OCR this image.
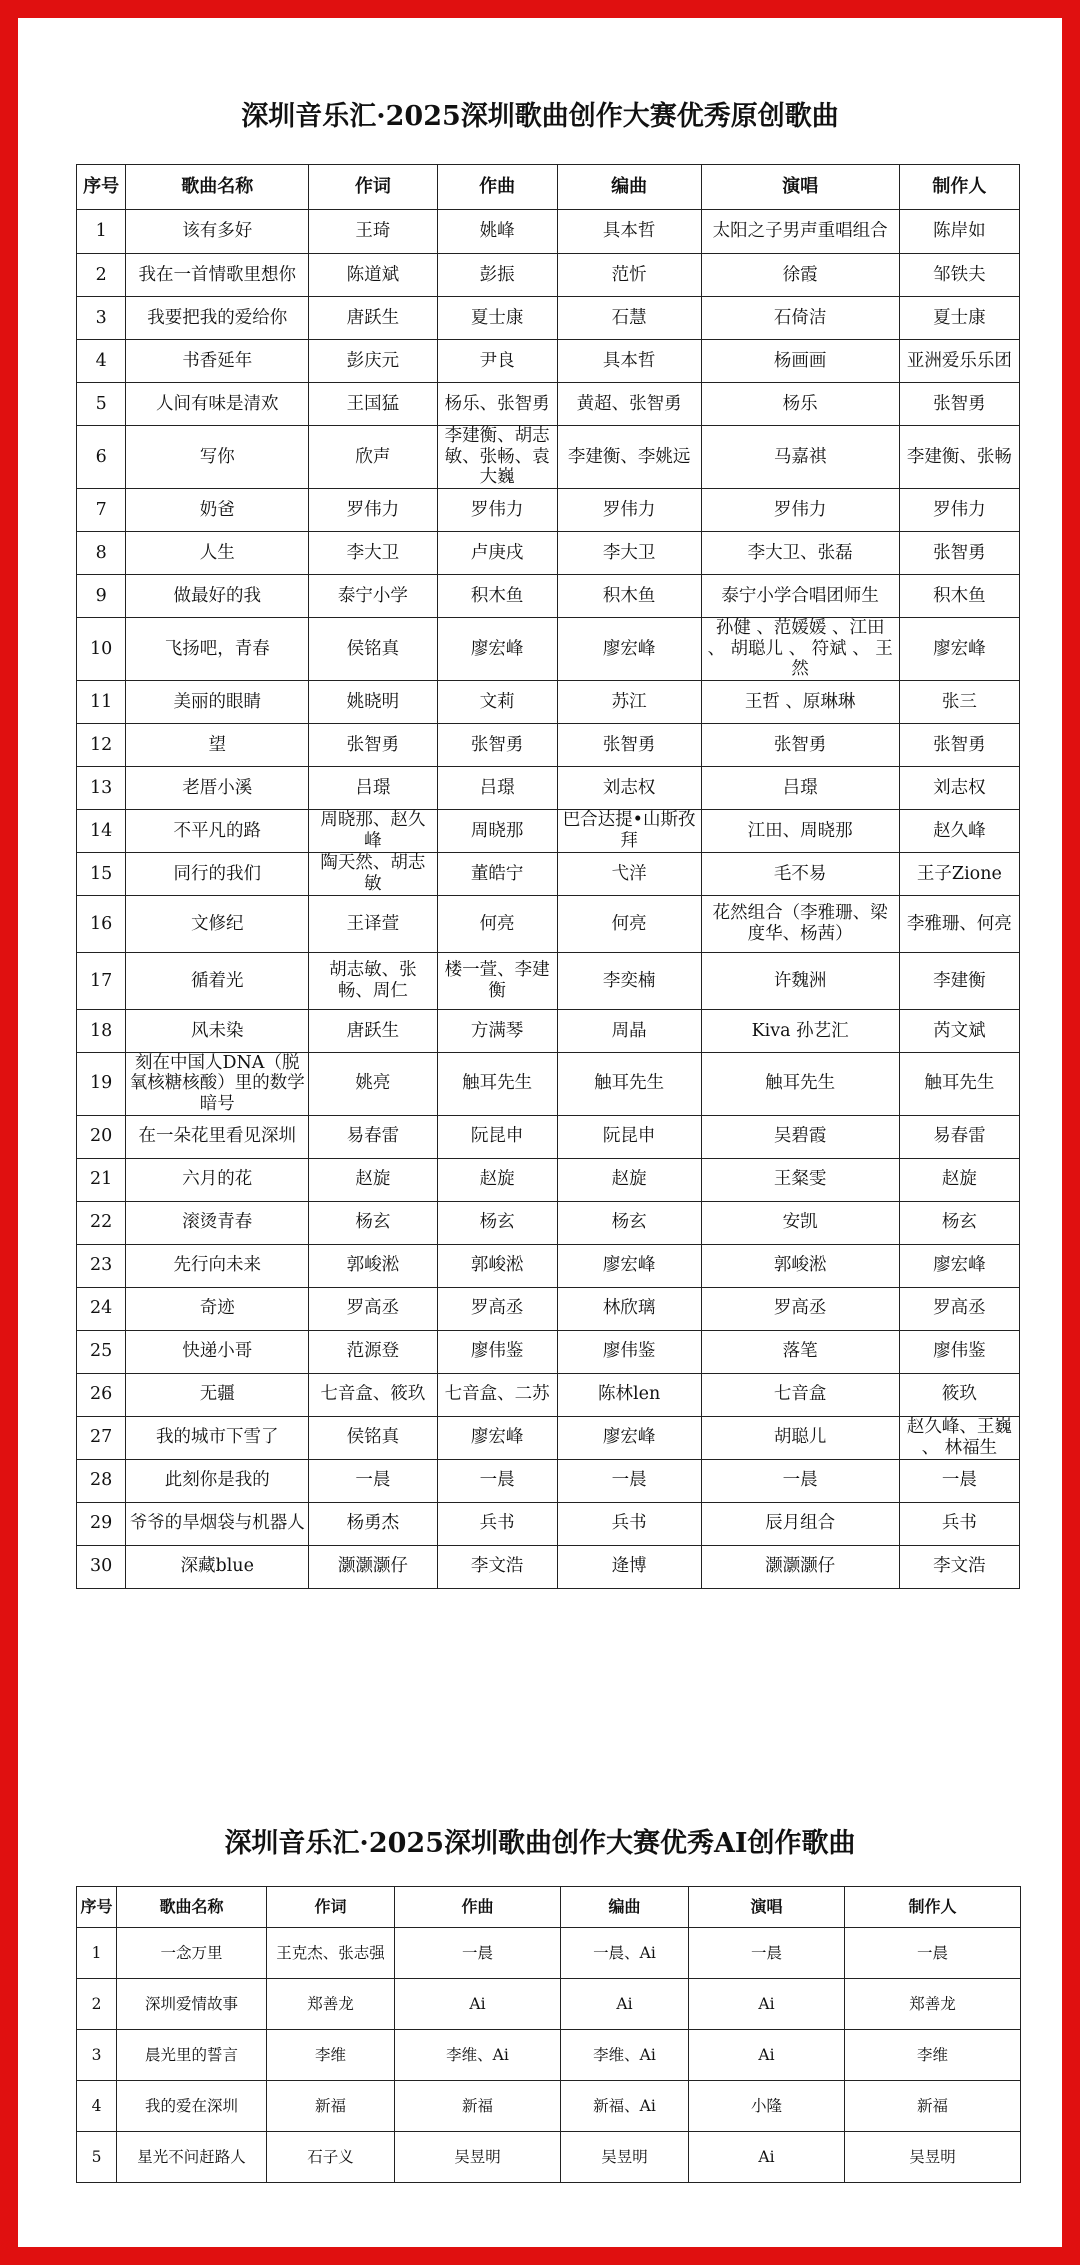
深圳音乐汇·2025深圳歌曲创作大赛优秀原创歌曲
序号	歌曲名称	作词	作曲	编曲	演唱	制作人
1	该有多好	王琦	姚峰	具本哲	太阳之子男声重唱组合	陈岸如
2	我在一首情歌里想你	陈道斌	彭振	范忻	徐霞	邹铁夫
3	我要把我的爱给你	唐跃生	夏士康	石慧	石倚洁	夏士康
4	书香延年	彭庆元	尹良	具本哲	杨画画	亚洲爱乐乐团
5	人间有味是清欢	王国猛	杨乐、张智勇	黄超、张智勇	杨乐	张智勇
6	写你	欣声	李建衡、胡志敏、张畅、袁大巍	李建衡、李姚远	马嘉祺	李建衡、张畅
7	奶爸	罗伟力	罗伟力	罗伟力	罗伟力	罗伟力
8	人生	李大卫	卢庚戌	李大卫	李大卫、张磊	张智勇
9	做最好的我	泰宁小学	积木鱼	积木鱼	泰宁小学合唱团师生	积木鱼
10	飞扬吧，青春	侯铭真	廖宏峰	廖宏峰	孙健 、范媛媛 、江田 、 胡聪儿 、 符斌 、 王然	廖宏峰
11	美丽的眼睛	姚晓明	文莉	苏江	王哲 、原琳琳	张三
12	望	张智勇	张智勇	张智勇	张智勇	张智勇
13	老厝小溪	吕璟	吕璟	刘志权	吕璟	刘志权
14	不平凡的路	周晓那、赵久峰	周晓那	巴合达提•山斯孜拜	江田、周晓那	赵久峰
15	同行的我们	陶天然、胡志敏	董皓宁	弋洋	毛不易	王子Zione
16	文修纪	王译萱	何亮	何亮	花然组合（李雅珊、梁度华、杨茜）	李雅珊、何亮
17	循着光	胡志敏、张畅、周仁	楼一萱、李建衡	李奕楠	许魏洲	李建衡
18	风未染	唐跃生	方满琴	周晶	Kiva 孙艺汇	芮文斌
19	刻在中国人DNA（脱氧核糖核酸）里的数学暗号	姚亮	触耳先生	触耳先生	触耳先生	触耳先生
20	在一朵花里看见深圳	易春雷	阮昆申	阮昆申	吴碧霞	易春雷
21	六月的花	赵旋	赵旋	赵旋	王粲雯	赵旋
22	滚烫青春	杨玄	杨玄	杨玄	安凯	杨玄
23	先行向未来	郭峻淞	郭峻淞	廖宏峰	郭峻淞	廖宏峰
24	奇迹	罗高丞	罗高丞	林欣璃	罗高丞	罗高丞
25	快递小哥	范源登	廖伟鉴	廖伟鉴	落笔	廖伟鉴
26	无疆	七音盒、筱玖	七音盒、二苏	陈林len	七音盒	筱玖
27	我的城市下雪了	侯铭真	廖宏峰	廖宏峰	胡聪儿	赵久峰、王巍 、 林福生
28	此刻你是我的	一晨	一晨	一晨	一晨	一晨
29	爷爷的旱烟袋与机器人	杨勇杰	兵书	兵书	辰月组合	兵书
30	深藏blue	灏灏灏仔	李文浩	逄博	灏灏灏仔	李文浩
深圳音乐汇·2025深圳歌曲创作大赛优秀AI创作歌曲
序号	歌曲名称	作词	作曲	编曲	演唱	制作人
1	一念万里	王克杰、张志强	一晨	一晨、Ai	一晨	一晨
2	深圳爱情故事	郑善龙	Ai	Ai	Ai	郑善龙
3	晨光里的誓言	李维	李维、Ai	李维、Ai	Ai	李维
4	我的爱在深圳	新福	新福	新福、Ai	小隆	新福
5	星光不问赶路人	石子义	吴昱明	吴昱明	Ai	吴昱明
